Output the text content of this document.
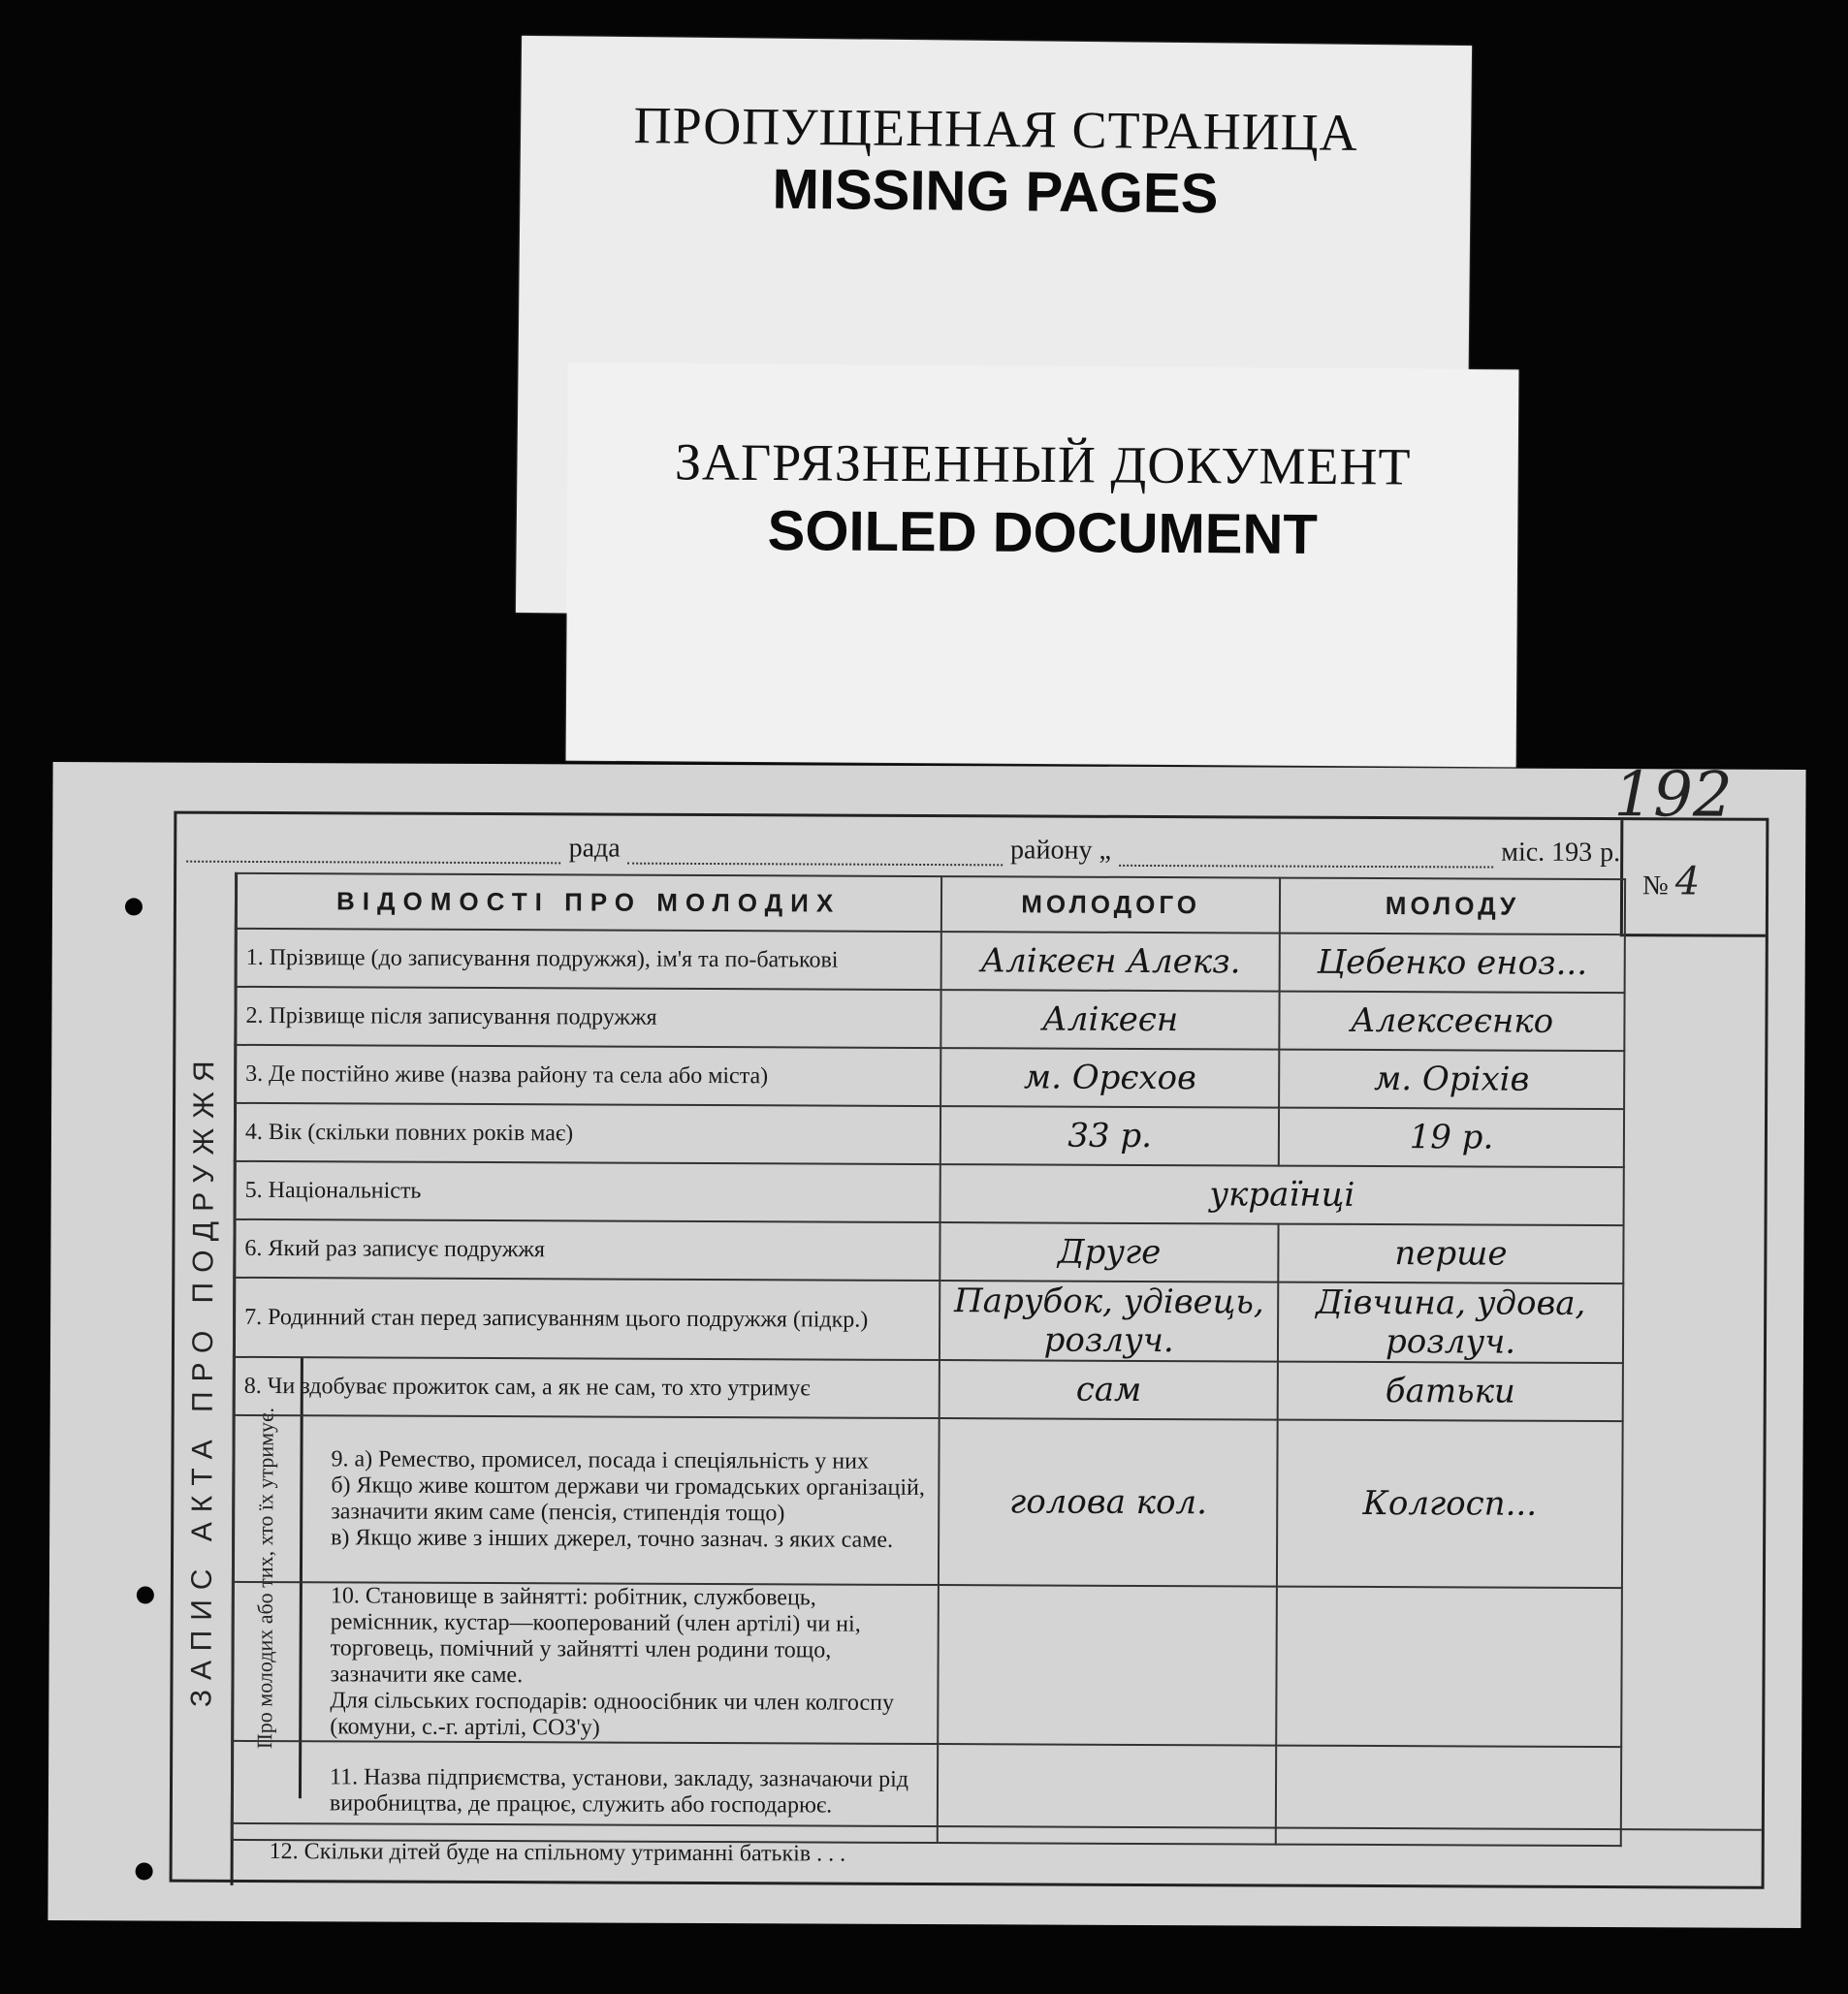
ПРОПУЩЕННАЯ СТРАНИЦА
MISSING PAGES
ЗАГРЯЗНЕННЫЙ ДОКУМЕНТ
SOILED DOCUMENT
192
рада	району „	міс. 193 р.
№ 4
ЗАПИС АКТА ПРО ПОДРУЖЖЯ Про молодих або тих, хто їх утримує.
ВІДОМОСТІ ПРО МОЛОДИХ	МОЛОДОГО	МОЛОДУ
1. Прізвище (до записування подружжя), ім'я та по-батькові	Алікеєн Алекз.	Цебенко еноз...
2. Прізвище після записування подружжя	Алікеєн	Алексеєнко
3. Де постійно живе (назва району та села або міста)	м. Орєхов	м. Оріхів
4. Вік (скільки повних років має)	33 р.	19 р.
5. Національність	українці	
6. Який раз записує подружжя	Друге	перше
7. Родинний стан перед записуванням цього подружжя (підкр.)	Парубок, удівець, розлуч.	Дівчина, удова, розлуч.
8. Чи здобуває прожиток сам, а як не сам, то хто утримує	сам	батьки
9. а) Ремество, промисел, посада і спеціяльність у них
б) Якщо живе коштом держави чи громадських організацій, зазначити яким саме (пенсія, стипендія тощо)
в) Якщо живе з інших джерел, точно зазнач. з яких саме.	голова кол.	Колгосп...
10. Становище в зайнятті: робітник, службовець, реміснник, кустар—кооперований (член артілі) чи ні, торговець, помічний у зайнятті член родини тощо, зазначити яке саме.
Для сільських господарів: одноосібник чи член колгоспу (комуни, с.-г. артілі, СОЗ'у)		
11. Назва підприємства, установи, закладу, зазначаючи рід виробництва, де працює, служить або господарює.		
12. Скільки дітей буде на спільному утриманні батьків . . .
